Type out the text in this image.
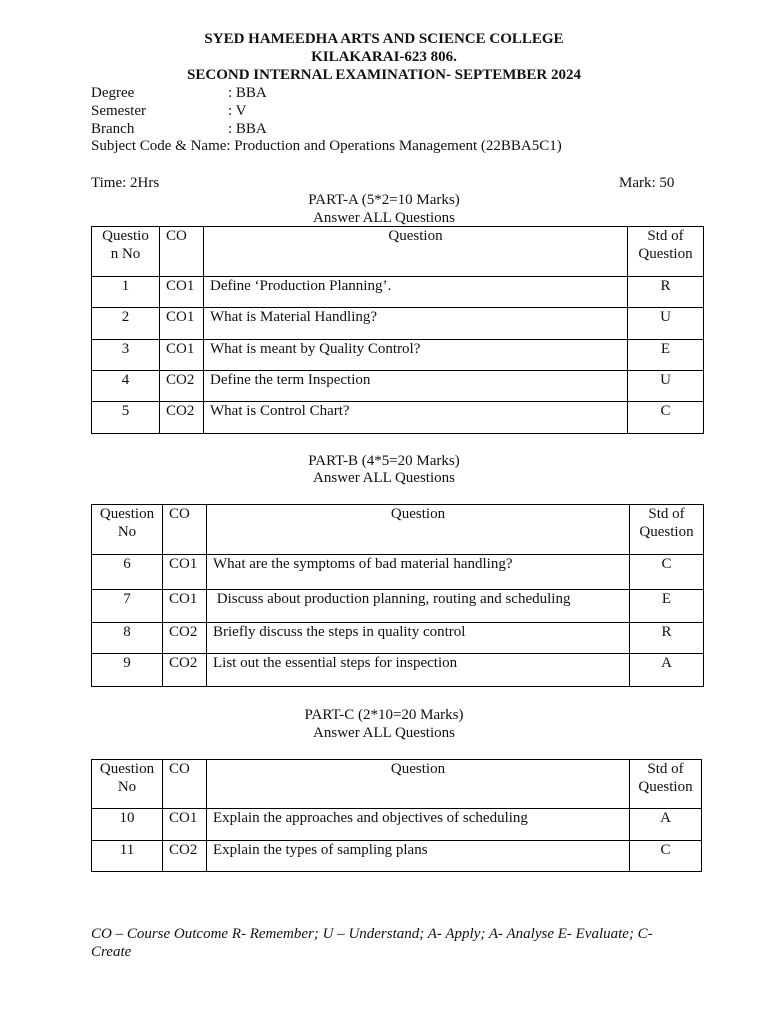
SYED HAMEEDHA ARTS AND SCIENCE COLLEGE
KILAKARAI-623 806.
SECOND INTERNAL EXAMINATION- SEPTEMBER 2024
Degree	: BBA
Semester	: V
Branch	: BBA
Subject Code & Name: Production and Operations Management (22BBA5C1)
Time: 2Hrs	Mark: 50
PART-A (5*2=10 Marks)
Answer ALL Questions
Questio n No	CO	Question	Std of Question
1	CO1	Define ‘Production Planning’.	R
2	CO1	What is Material Handling?	U
3	CO1	What is meant by Quality Control?	E
4	CO2	Define the term Inspection	U
5	CO2	What is Control Chart?	C
PART-B (4*5=20 Marks)
Answer ALL Questions
Question No	CO	Question	Std of Question
6	CO1	What are the symptoms of bad material handling?	C
7	CO1	Discuss about production planning, routing and scheduling	E
8	CO2	Briefly discuss the steps in quality control	R
9	CO2	List out the essential steps for inspection	A
PART-C (2*10=20 Marks)
Answer ALL Questions
Question No	CO	Question	Std of Question
10	CO1	Explain the approaches and objectives of scheduling	A
11	CO2	Explain the types of sampling plans	C
CO – Course Outcome R- Remember; U – Understand; A- Apply; A- Analyse E- Evaluate; C- Create
